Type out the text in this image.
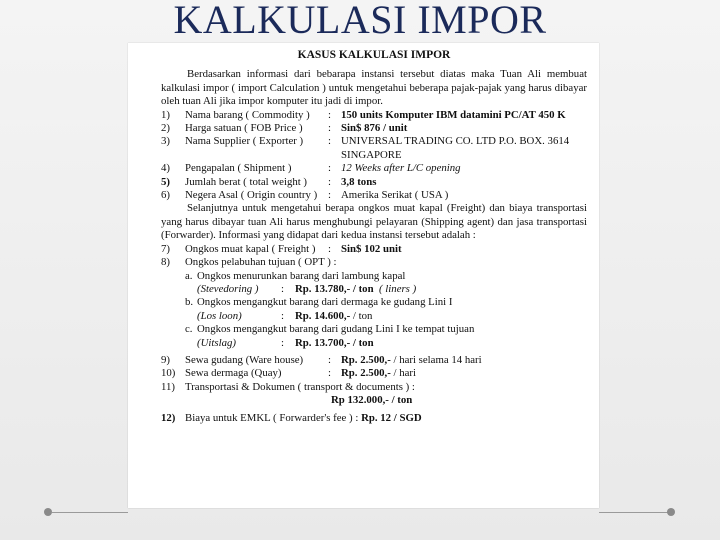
KALKULASI IMPOR
KASUS KALKULASI IMPOR

Berdasarkan informasi dari bebarapa instansi tersebut diatas maka Tuan Ali membuat kalkulasi impor ( import Calculation ) untuk mengetahui beberapa pajak-pajak yang harus dibayar oleh tuan Ali jika impor komputer itu jadi di impor.

1)	Nama barang ( Commodity )	: 150 units Komputer IBM datamini PC/AT 450 K
2)	Harga satuan ( FOB Price )	: Sin$ 876 / unit
3)	Nama Supplier ( Exporter )	: UNIVERSAL TRADING CO. LTD P.O. BOX. 3614 SINGAPORE
4)	Pengapalan ( Shipment )	: 12 Weeks after L/C opening
5)	Jumlah berat ( total weight )	: 3,8 tons
6)	Negera Asal ( Origin country ) : Amerika Serikat ( USA )

Selanjutnya untuk mengetahui berapa ongkos muat kapal (Freight) dan biaya transportasi yang harus dibayar tuan Ali harus menghubungi pelayaran (Shipping agent) dan jasa transportasi (Forwarder). Informasi yang didapat dari kedua instansi tersebut adalah :

7)	Ongkos muat kapal ( Freight )	: Sin$ 102 unit
8)	Ongkos pelabuhan tujuan ( OPT ) :
a. Ongkos menurunkan barang dari lambung kapal
(Stevedoring )	:	Rp. 13.780,- / ton
( liners )
b. Ongkos mengangkut barang dari dermaga ke gudang Lini I
(Los loon)	:	Rp. 14.600,-
/ ton
c. Ongkos mengangkut barang dari gudang Lini I ke tempat tujuan
(Uitslag)	:	Rp. 13.700,- / ton
9)	Sewa gudang (Ware house)	: Rp. 2.500,- / hari selama 14 hari
10) Sewa dermaga (Quay)	: Rp. 2.500,- / hari
11) Transportasi & Dokumen ( transport & documents ) :
Rp 132.000,- / ton
12) Biaya untuk EMKL ( Forwarder's fee ) : Rp. 12 / SGD
